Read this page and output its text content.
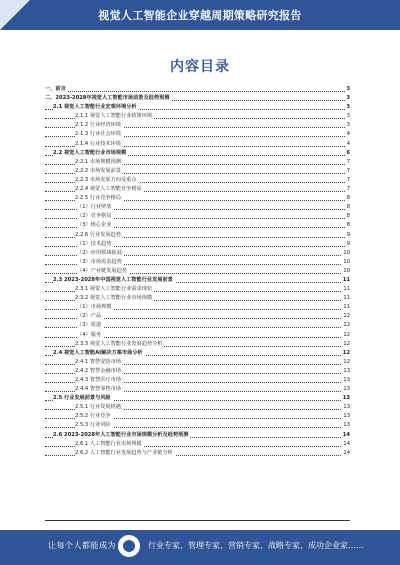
视觉人工智能企业穿越周期策略研究报告
内容目录
一、前言	3
二、2023-2028年视觉人工智能市场前景及趋势预测	3
2.1 视觉人工智能行业宏观环境分析	3
2.1.1 视觉人工智能行业政策环境	3
2.1.2 行业经济环境	3
2.1.3 行业社会环境	4
2.1.4 行业技术环境	4
2.2 视觉人工智能行业市场规模	6
2.2.1 市场规模预测	7
2.2.2 市场发展前景	7
2.2.3 市场发展方向及重点	7
2.2.4 视觉人工智能竞争格局	7
2.2.5 行业竞争格局	8
（1）行业壁垒	8
（2）竞争格局	8
（3）核心企业	8
2.2.6 行业发展趋势	9
（1）技术趋势	9
（2）应用领域拓展	10
（3）市场需求趋势	10
（4）产业链发展趋势	10
2.3 2023-2028年中国视觉人工智能行业发展前景	11
2.3.1 视觉人工智能行业需求现状	11
2.3.2 视觉人工智能行业市场规模	11
（1）市场规模	11
（2）产品	12
（3）渠道	12
（4）服务	12
2.3.3 视觉人工智能行业发展趋势分析	12
2.4 视觉人工智能AI解决方案市场分析	12
2.4.1 智慧安防市场	12
2.4.2 智慧金融市场	13
2.4.3 智慧医疗市场	13
2.4.4 智慧零售市场	13
2.5 行业发展前景与风险	13
2.5.1 行业发展机遇	13
2.5.2 行业竞争	13
2.5.3 行业风险	13
2.6 2023-2028年人工智能行业市场规模分析及趋势预测	14
2.6.1 人工智能行业市场规模	14
2.6.2 人工智能行业发展趋势与产业链分析	14
让每个人都能成为	行业专家、管理专家、营销专家、战略专家、成功企业家……
